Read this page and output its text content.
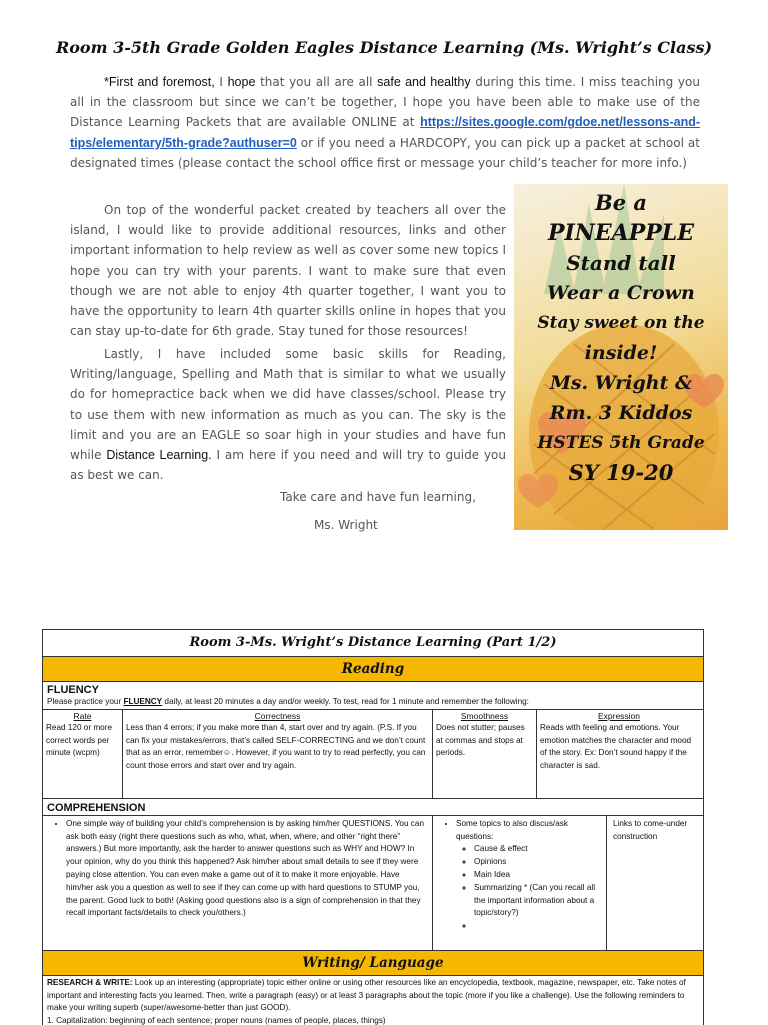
Room 3-5th Grade Golden Eagles Distance Learning (Ms. Wright’s Class)
*First and foremost, I hope that you all are all safe and healthy during this time. I miss teaching you all in the classroom but since we can’t be together, I hope you have been able to make use of the Distance Learning Packets that are available ONLINE at https://sites.google.com/gdoe.net/lessons-and-tips/elementary/5th-grade?authuser=0 or if you need a HARDCOPY, you can pick up a packet at school at designated times (please contact the school office first or message your child’s teacher for more info.)
On top of the wonderful packet created by teachers all over the island, I would like to provide additional resources, links and other important information to help review as well as cover some new topics I hope you can try with your parents. I want to make sure that even though we are not able to enjoy 4th quarter together, I want you to have the opportunity to learn 4th quarter skills online in hopes that you can stay up-to-date for 6th grade. Stay tuned for those resources!
Lastly, I have included some basic skills for Reading, Writing/language, Spelling and Math that is similar to what we usually do for homepractice back when we did have classes/school. Please try to use them with new information as much as you can. The sky is the limit and you are an EAGLE so soar high in your studies and have fun while Distance Learning. I am here if you need and will try to guide you as best we can.
Take care and have fun learning,
Ms. Wright
Be a
PINEAPPLE
Stand tall
Wear a Crown
Stay sweet on the
inside!
Ms. Wright &
Rm. 3 Kiddos
HSTES 5th Grade
SY 19-20
Room 3-Ms. Wright’s Distance Learning (Part 1/2)
Reading
FLUENCY
Please practice your FLUENCY daily, at least 20 minutes a day and/or weekly. To test, read for 1 minute and remember the following:
Rate
Read 120 or more correct words per minute (wcpm)
Correctness
Less than 4 errors; if you make more than 4, start over and try again. (P.S. If you can fix your mistakes/errors, that’s called SELF-CORRECTING and we don’t count that as an error, remember☺. However, if you want to try to read perfectly, you can count those errors and start over and try again.
Smoothness
Does not stutter; pauses at commas and stops at periods.
Expression
Reads with feeling and emotions. Your emotion matches the character and mood of the story. Ex: Don’t sound happy if the character is sad.
COMPREHENSION
• One simple way of building your child’s comprehension is by asking him/her QUESTIONS. You can ask both easy (right there questions such as who, what, when, where, and other “right there” answers.) But more importantly, ask the harder to answer questions such as WHY and HOW? In your opinion, why do you think this happened? Ask him/her about small details to see if they were paying close attention. You can even make a game out of it to make it more enjoyable. Have him/her ask you a question as well to see if they can come up with hard questions to STUMP you, the parent. Good luck to both! (Asking good questions also is a sign of comprehension in that they recall important facts/details to check you/others.)
• Some topics to also discus/ask questions:
◦ Cause & effect
◦ Opinions
◦ Main Idea
◦ Summarizing * (Can you recall all the important information about a topic/story?)
◦
Links to come-under construction
Writing/ Language
RESEARCH & WRITE: Look up an interesting (appropriate) topic either online or using other resources like an encyclopedia, textbook, magazine, newspaper, etc. Take notes of important and interesting facts you learned. Then, write a paragraph (easy) or at least 3 paragraphs about the topic (more if you like a challenge). Use the following reminders to make your writing superb (super/awesome-better than just GOOD).
1. Capitalization: beginning of each sentence; proper nouns (names of people, places, things)
